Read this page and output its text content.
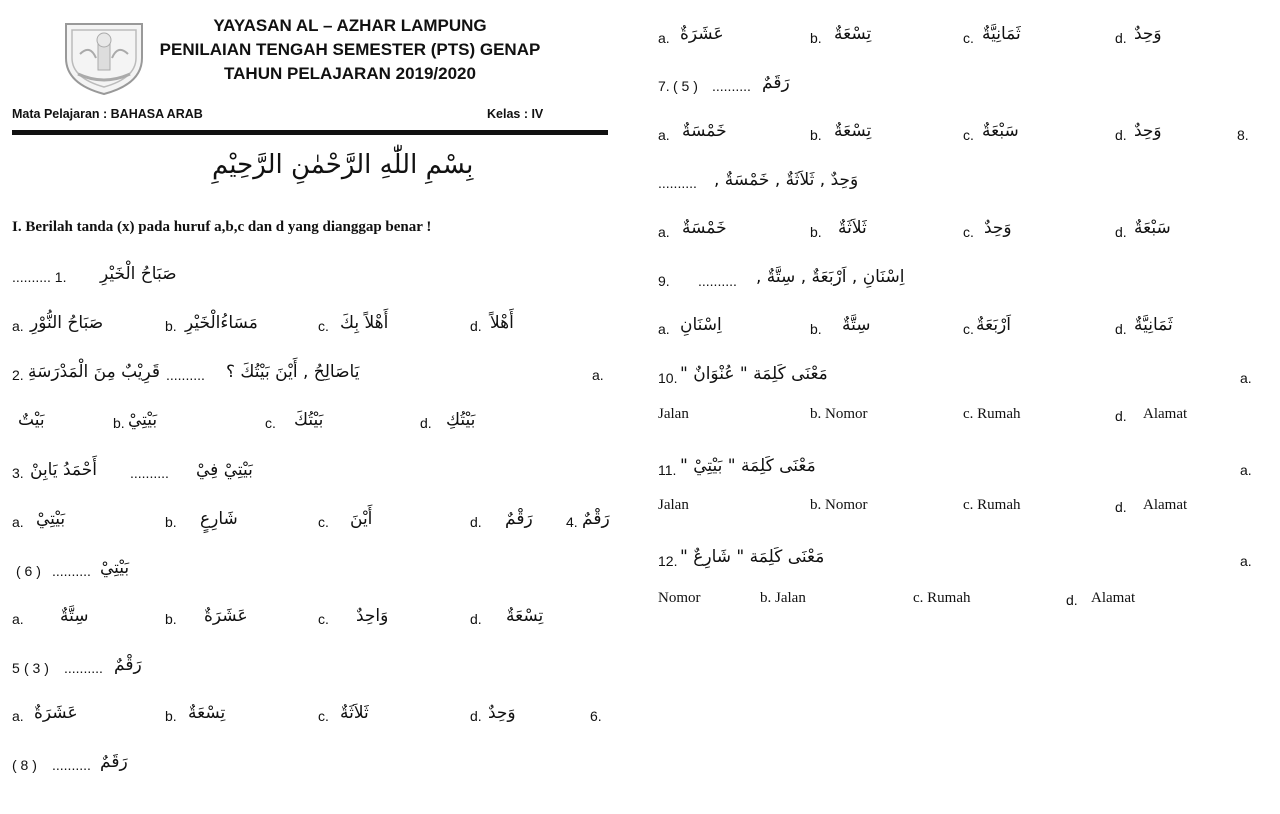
YAYASAN AL – AZHAR LAMPUNG
PENILAIAN TENGAH SEMESTER (PTS) GENAP
TAHUN PELAJARAN 2019/2020
Mata Pelajaran : BAHASA ARAB	Kelas : IV
بِسْمِ اللّٰهِ الرَّحْمٰنِ الرَّحِيْمِ
I. Berilah tanda (x) pada huruf a,b,c dan d yang dianggap benar !
.......... 1. صَبَاحُ الْخَيْرِ
a. صَبَاحُ النُّوْرِ	b. مَسَاءُالْخَيْرِ	c. أَهْلاً بِكَ	d. أَهْلاً
2. قَرِيْبٌ مِنَ الْمَدْرَسَةِ .......... يَاصَالِحُ , أَيْنَ بَيْتُكَ ؟	a.
بَيْتٌ	b. بَيْتِيْ	c. بَيْتُكَ	d. بَيْتُكِ
3. أَحْمَدُ يَابِنْ .......... بَيْتِيْ فِيْ
a. بَيْتِيْ	b. شَارِعٍ	c. أَيْنَ	d. رَقْمٌ 4. رَقْمٌ
( 6 ) .......... بَيْتِيْ
a. سِتَّةٌ	b. عَشَرَةٌ	c. وَاحِدٌ	d. تِسْعَةٌ
5 ( 3 ) .......... رَقْمٌ
a. عَشَرَةٌ	b. تِسْعَةٌ	c. ثَلاَثَةٌ	d. وَحِدٌ	6.
( 8 ) .......... رَقَمٌ
a. عَشَرَةٌ	b. تِسْعَةٌ	c. ثَمَانِيَّةٌ	d. وَحِدٌ
7. ( 5 ) .......... رَقَمٌ
a. خَمْسَةٌ	b. تِسْعَةٌ	c. سَبْعَةٌ	d. وَحِدٌ	8.
.......... وَحِدٌ , ثَلاَثَةٌ , خَمْسَةٌ ,
a. خَمْسَةٌ	b. ثَلاَثَةٌ	c. وَحِدٌ	d. سَبْعَةٌ
9. .......... اِسْنَانِ , اَرْبَعَةٌ , سِتَّةٌ ,
a. اِسْنَانِ	b. سِتَّةٌ	c. اَرْبَعَةٌ	d. ثَمَانِيَّةٌ
10. مَعْنَى كَلِمَة " عُنْوَانٌ "	a.
Jalan	b. Nomor	c. Rumah	d. Alamat
11. مَعْنَى كَلِمَة " بَيْتِيْ "	a.
Jalan	b. Nomor	c. Rumah	d. Alamat
12. مَعْنَى كَلِمَة " شَارِعٌ "	a.
Nomor	b. Jalan	c. Rumah	d. Alamat
